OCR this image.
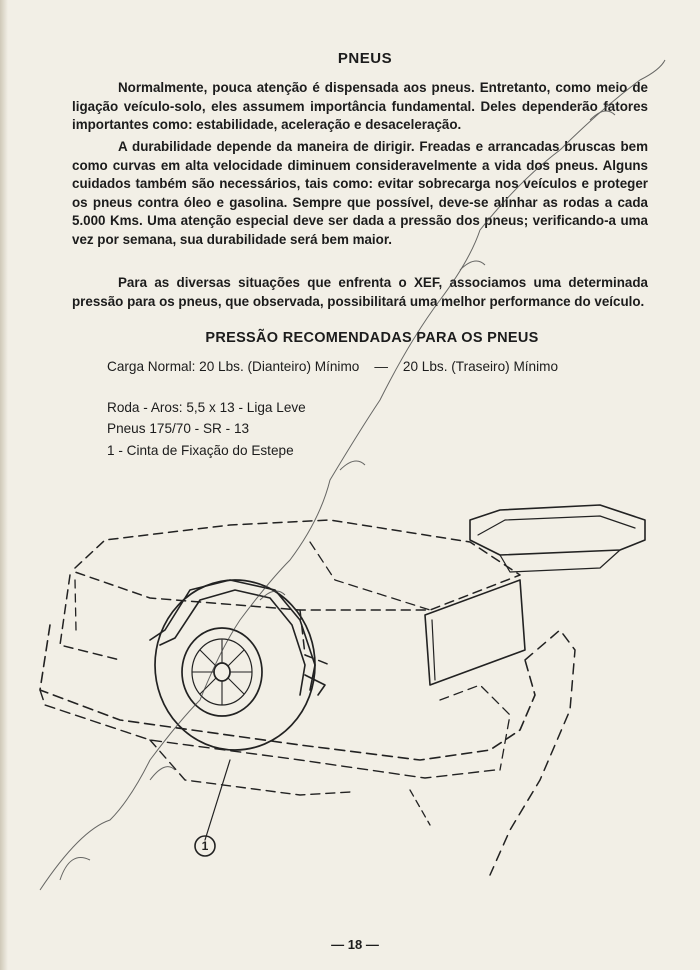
PNEUS

Normalmente, pouca atenção é dispensada aos pneus. Entretanto, como meio de ligação veículo-solo, eles assumem importância fundamental. Deles dependerão fatores importantes como: estabilidade, aceleração e desaceleração.

A durabilidade depende da maneira de dirigir. Freadas e arrancadas bruscas bem como curvas em alta velocidade diminuem consideravelmente a vida dos pneus. Alguns cuidados também são necessários, tais como: evitar sobrecarga nos veículos e proteger os pneus contra óleo e gasolina. Sempre que possível, deve-se alinhar as rodas a cada 5.000 Kms. Uma atenção especial deve ser dada a pressão dos pneus; verificando-a uma vez por semana, sua durabilidade será bem maior.

Para as diversas situações que enfrenta o XEF, associamos uma determinada pressão para os pneus, que observada, possibilitará uma melhor performance do veículo.

PRESSÃO RECOMENDADAS PARA OS PNEUS
Carga Normal: 20 Lbs. (Dianteiro) Mínimo — 20 Lbs. (Traseiro) Mínimo
Roda - Aros: 5,5 x 13 - Liga Leve
Pneus 175/70 - SR - 13
1 - Cinta de Fixação do Estepe
1
— 18 —
